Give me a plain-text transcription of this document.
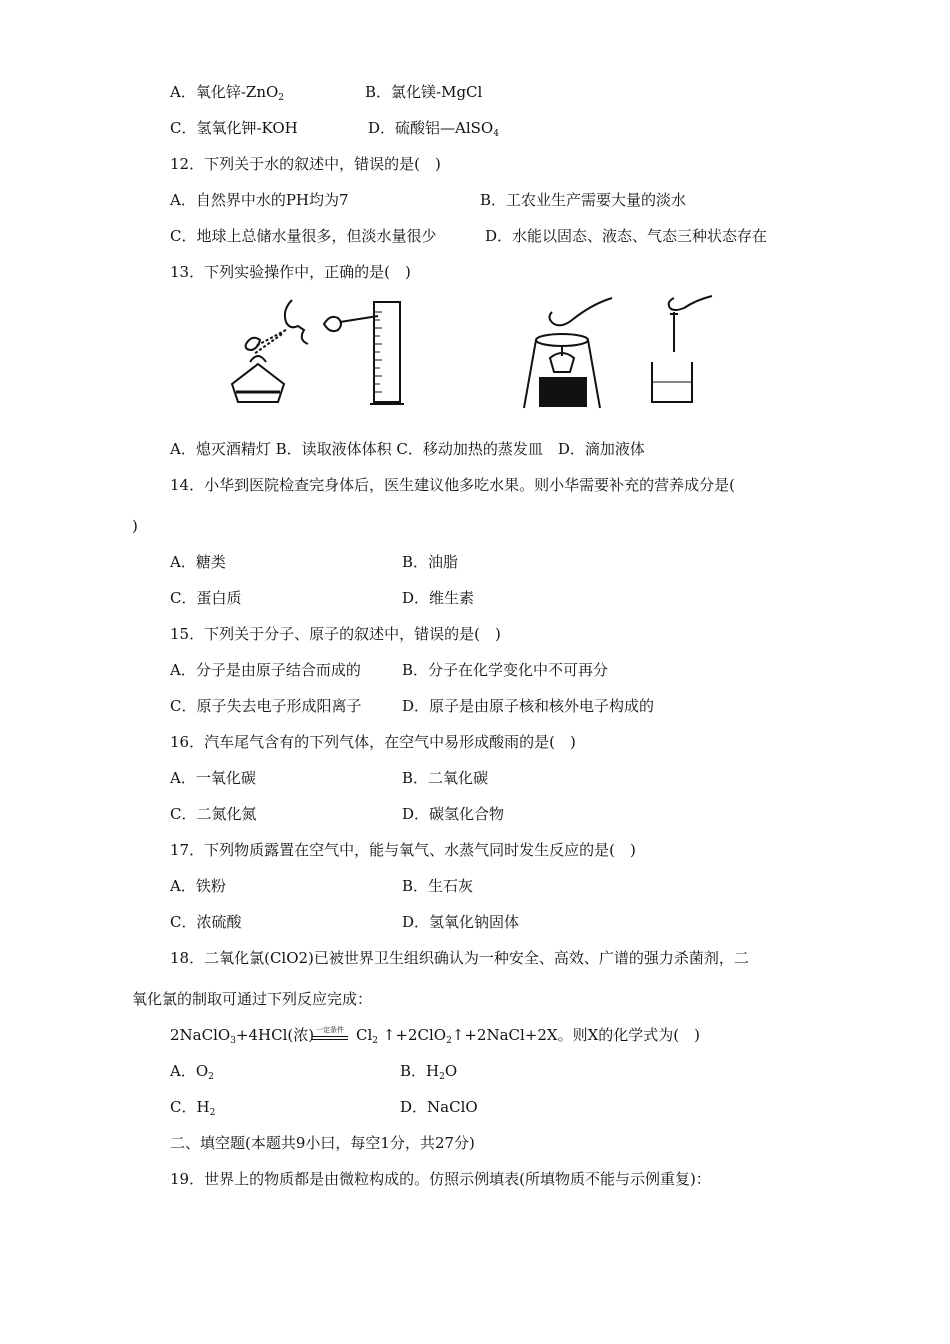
A．氧化锌-ZnO$_2$	B．氯化镁-MgCl
C．氢氧化钾-KOH	D．硫酸铝—AlSO$_4$
12．下列关于水的叙述中，错误的是(　)
A．自然界中水的PH均为7	B．工农业生产需要大量的淡水
C．地球上总储水量很多，但淡水量很少	D．水能以固态、液态、气态三种状态存在
13．下列实验操作中，正确的是(　)
A．熄灭酒精灯 B．读取液体体积 C．移动加热的蒸发皿　D．滴加液体
14．小华到医院检查完身体后，医生建议他多吃水果。则小华需要补充的营养成分是(
)
A．糖类	B．油脂
C．蛋白质	D．维生素
15．下列关于分子、原子的叙述中，错误的是(　)
A．分子是由原子结合而成的	B．分子在化学变化中不可再分
C．原子失去电子形成阳离子	D．原子是由原子核和核外电子构成的
16．汽车尾气含有的下列气体，在空气中易形成酸雨的是(　)
A．一氧化碳	B．二氧化碳
C．二氮化氮	D．碳氢化合物
17．下列物质露置在空气中，能与氧气、水蒸气同时发生反应的是(　)
A．铁粉	B．生石灰
C．浓硫酸	D．氢氧化钠固体
18．二氧化氯(ClO2)已被世界卫生组织确认为一种安全、高效、广谱的强力杀菌剂，二
氧化氯的制取可通过下列反应完成：
2NaClO$_3$+4HCl(浓) 一定条件 $Cl_2$ ↑+2ClO$_2$↑+2NaCl+2X。则X的化学式为(　)
A．$O_2$	B．$H_2O$
C．$H_2$	D．NaClO
二、填空题(本题共9小曰，每空1分，共27分)
19．世界上的物质都是由微粒构成的。仿照示例填表(所填物质不能与示例重复)：
